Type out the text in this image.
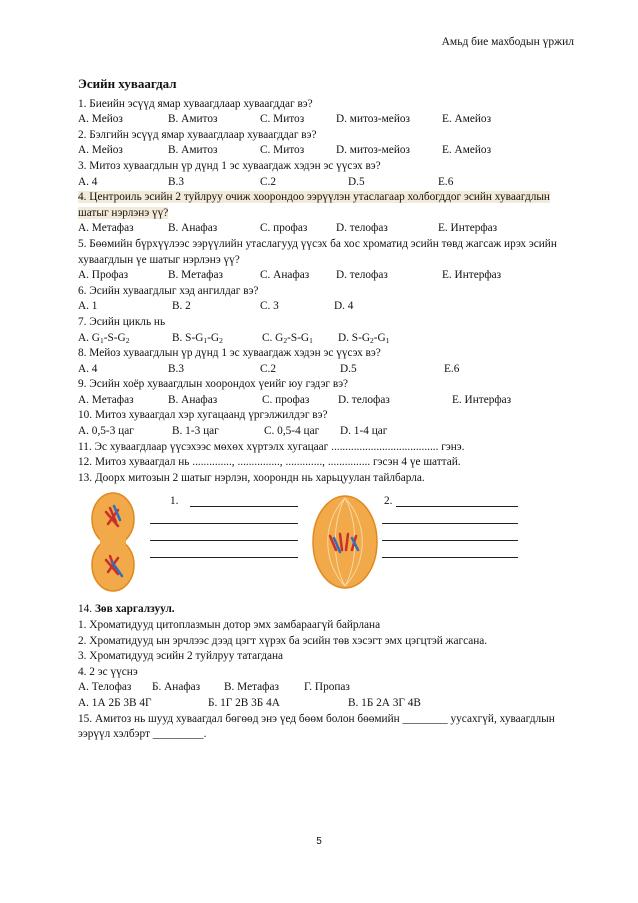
Амьд бие махбодын үржил
Эсийн хуваагдал
1. Биеийн эсүүд ямар хуваагдлаар хуваагддаг вэ?
A. Мейоз	B. Амитоз	C. Митоз	D. митоз-мейоз	E. Амейоз
2. Бэлгийн эсүүд ямар хуваагдлаар хуваагддаг вэ?
A. Мейоз	B. Амитоз	C. Митоз	D. митоз-мейоз	E. Амейоз
3. Митоз хуваагдлын үр дүнд 1 эс хуваагдаж хэдэн эс үүсэх вэ?
A. 4	B.3	C.2	D.5	E.6
4. Центроиль эсийн 2 туйлруу очиж хоорондоо ээрүүлэн утаслагаар холбогддог эсийн хуваагдлын шатыг нэрлэнэ үү?
A. Метафаз	B. Анафаз	C. профаз	D. телофаз	E. Интерфаз
5. Бөөмийн бүрхүүлээс ээрүүлийн утаслагууд үүсэх ба хос хроматид эсийн төвд жагсаж ирэх эсийн хуваагдлын үе шатыг нэрлэнэ үү?
A. Профаз	B. Метафаз	C. Анафаз D. телофаз	E. Интерфаз
6. Эсийн хуваагдлыг хэд ангилдаг вэ?
A. 1	B. 2	C. 3	D. 4
7. Эсийн цикль нь
A. $G_1-S-G_2$	B. $S-G_1-G_2$	C. $G_2-S-G_1$ D. $S-G_2-G_1$
8. Мейоз хуваагдлын үр дүнд 1 эс хуваагдаж хэдэн эс үүсэх вэ?
A. 4	B.3	C.2	D.5	E.6
9. Эсийн хоёр хуваагдлын хоорондох үеийг юу гэдэг вэ?
A. Метафаз	B. Анафаз	C. профаз	D. телофаз	E. Интерфаз
10. Митоз хуваагдал хэр хугацаанд үргэлжилдэг вэ?
A. 0,5-3 цаг	B. 1-3 цаг	C. 0,5-4 цаг D. 1-4 цаг
11. Эс хуваагдлаар үүсэхээс мөхөх хүртэлх хугацааг ...................................... гэнэ.
12. Митоз хуваагдал нь .............., ..............., ............., ............... гэсэн 4 үе шаттай.
13. Доорх митозын 2 шатыг нэрлэн, хоорондн нь харьцуулан тайлбарла.
1.	2.
14. Зөв харгалзуул.
1. Хроматидууд цитоплазмын дотор эмх замбараагүй байрлана
2. Хроматидууд ын эрчлээс дээд цэгт хүрэх ба эсийн төв хэсэгт эмх цэгцтэй жагсана.
3. Хроматидууд эсийн 2 туйлруу татагдана
4. 2 эс үүснэ
A. Телофаз Б. Анафаз В. Метафаз Г. Пропаз
А. 1А 2Б 3В 4Г	Б. 1Г 2В 3Б 4А	В. 1Б 2А 3Г 4В
15. Амитоз нь шууд хуваагдал бөгөөд энэ үед бөөм болон бөөмийн ________ уусахгүй, хуваагдлын ээрүүл хэлбэрт _________.
5
